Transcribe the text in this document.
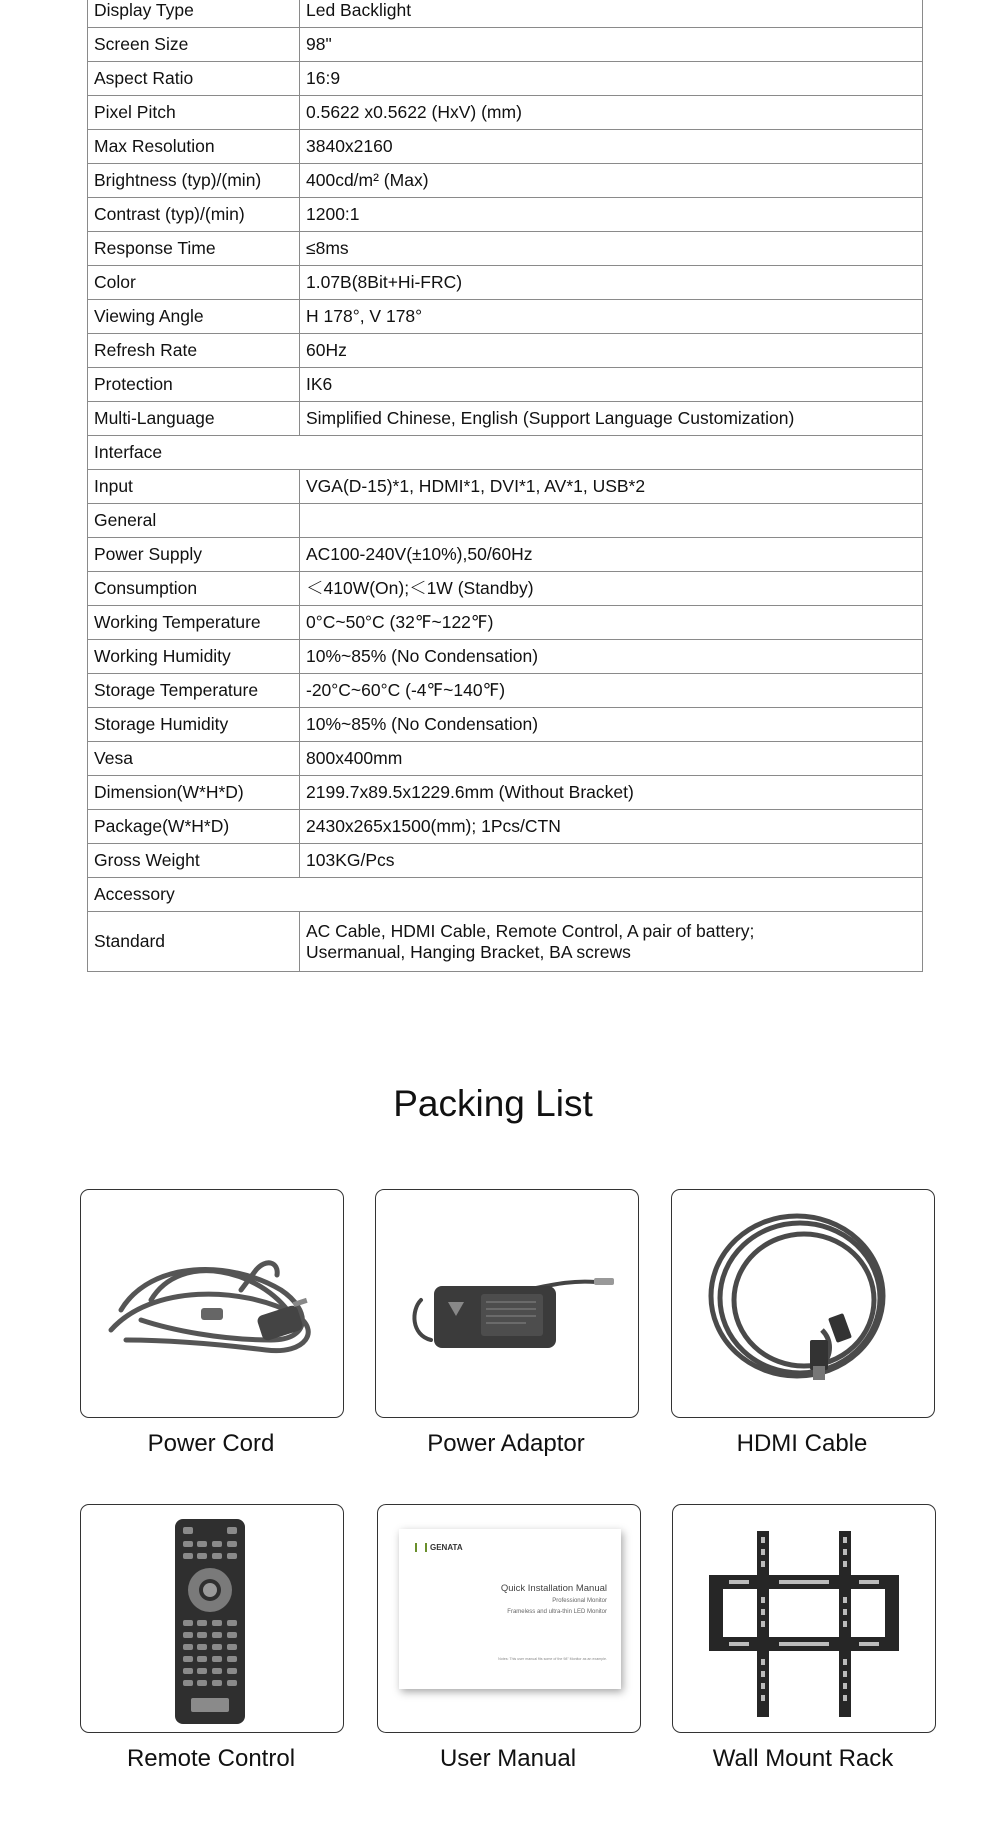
Display Type	Led Backlight
Screen Size	98"
Aspect Ratio	16:9
Pixel Pitch	0.5622 x0.5622 (HxV) (mm)
Max Resolution	3840x2160
Brightness (typ)/(min)	400cd/m² (Max)
Contrast (typ)/(min)	1200:1
Response Time	≤8ms
Color	1.07B(8Bit+Hi-FRC)
Viewing Angle	H 178°, V 178°
Refresh Rate	60Hz
Protection	IK6
Multi-Language	Simplified Chinese, English (Support Language Customization)
Interface	
Input	VGA(D-15)*1, HDMI*1, DVI*1, AV*1, USB*2
General	
Power Supply	AC100-240V(±10%),50/60Hz
Consumption	＜410W(On);＜1W (Standby)
Working Temperature	0°C~50°C (32℉~122℉)
Working Humidity	10%~85% (No Condensation)
Storage Temperature	-20°C~60°C (-4℉~140℉)
Storage Humidity	10%~85% (No Condensation)
Vesa	800x400mm
Dimension(W*H*D)	2199.7x89.5x1229.6mm (Without Bracket)
Package(W*H*D)	2430x265x1500(mm); 1Pcs/CTN
Gross Weight	103KG/Pcs
Accessory	
Standard	AC Cable, HDMI Cable, Remote Control, A pair of battery;
Usermanual, Hanging Bracket, BA screws
Packing List
Power Cord	Power Adaptor	HDMI Cable
Remote Control
GENATA
Quick Installation Manual
Professional Monitor
Frameless and ultra-thin LED Monitor
Notes: This user manual fits some of the 98" Monitor as an example.
User Manual	Wall Mount Rack
